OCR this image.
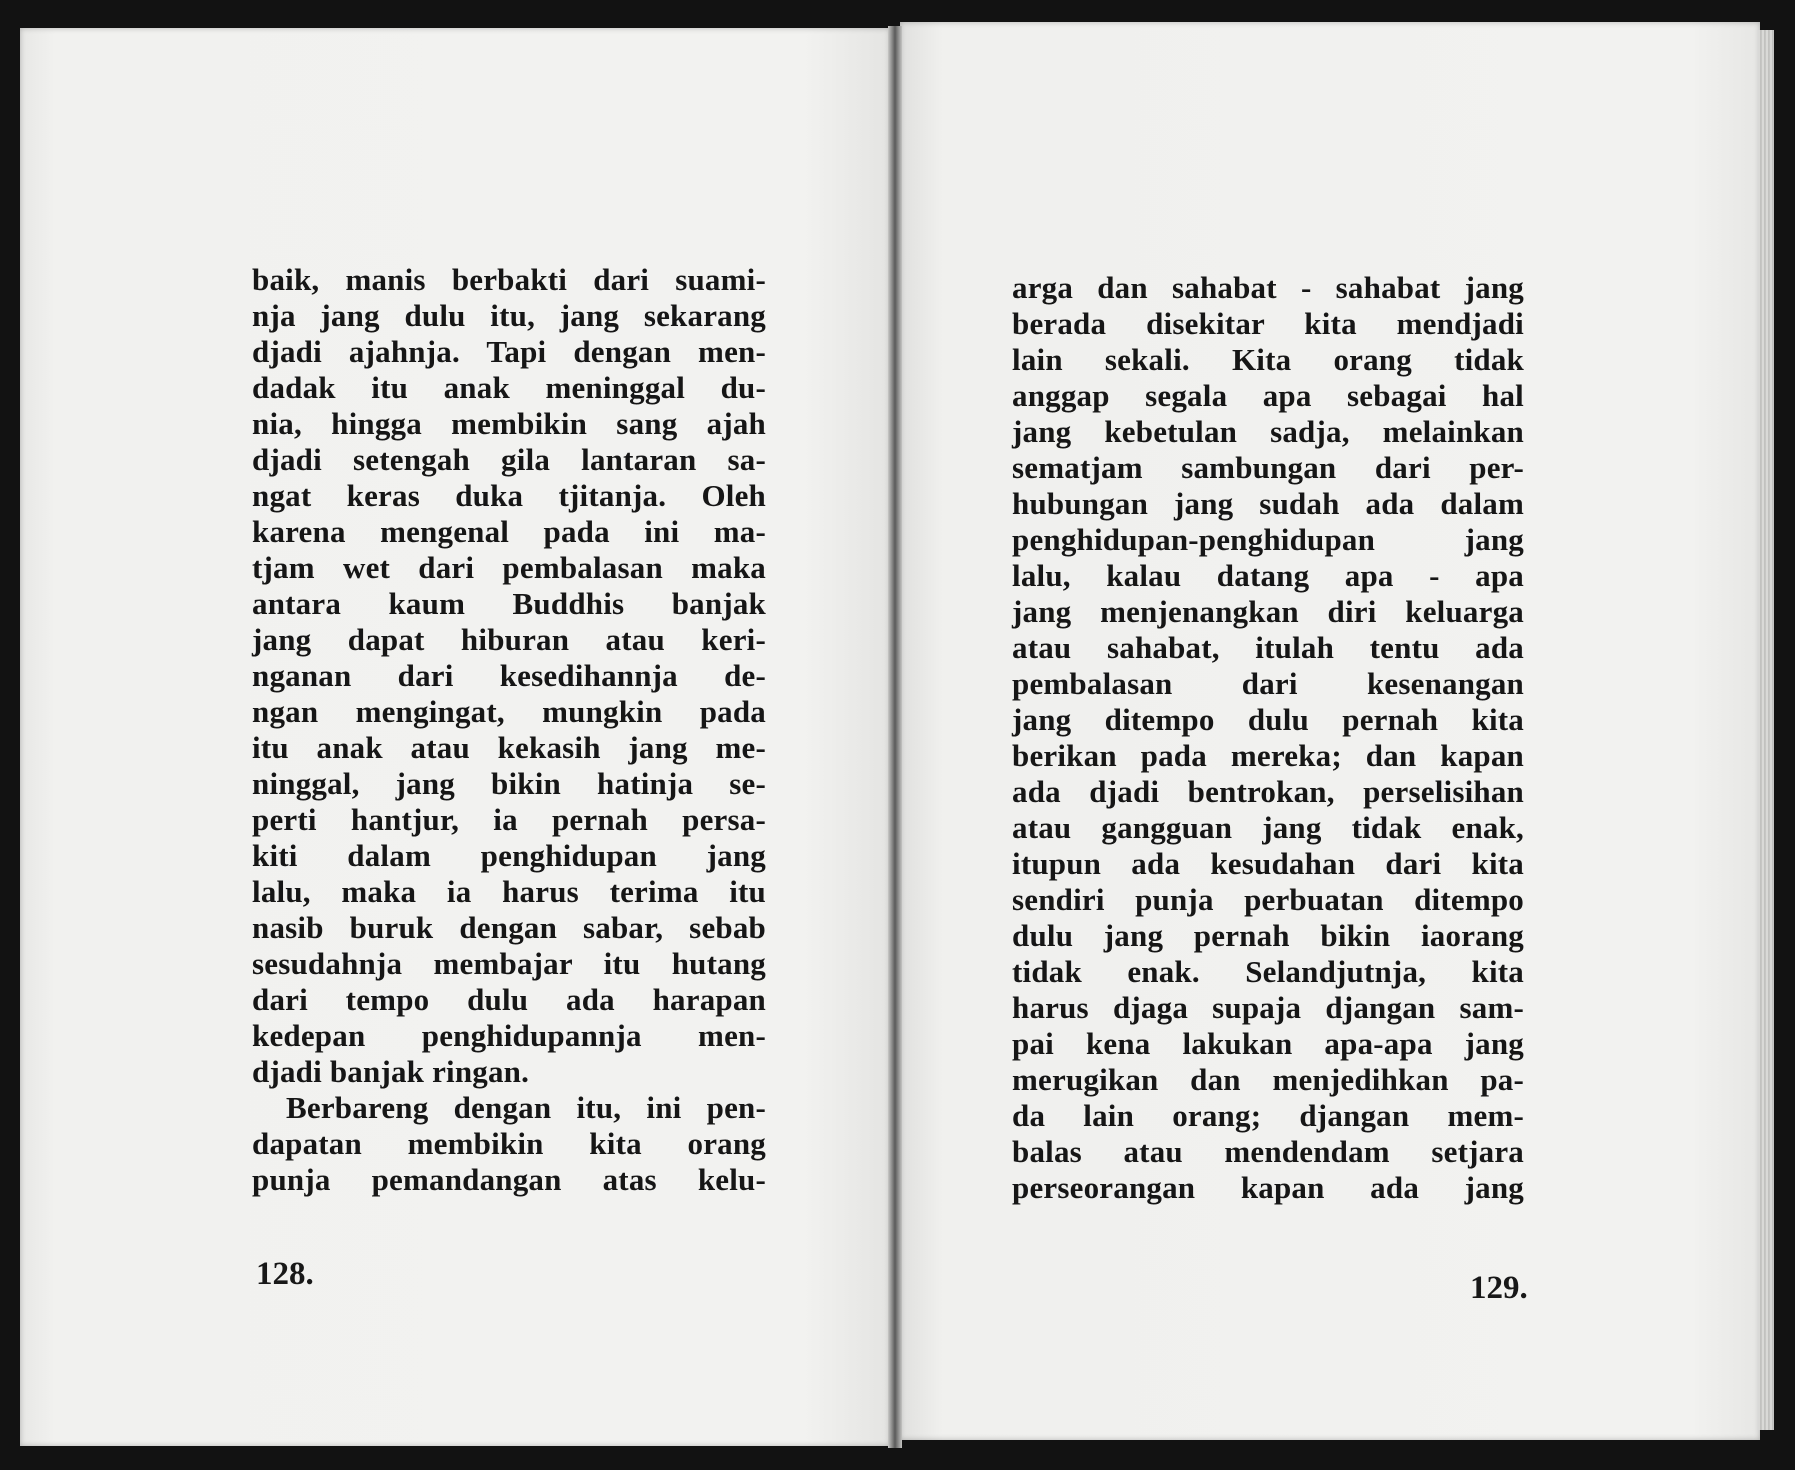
baik, manis berbakti dari suami-
nja jang dulu itu, jang sekarang
djadi ajahnja. Tapi dengan men-
dadak itu anak meninggal du-
nia, hingga membikin sang ajah
djadi setengah gila lantaran sa-
ngat keras duka tjitanja. Oleh
karena mengenal pada ini ma-
tjam wet dari pembalasan maka
antara kaum Buddhis banjak
jang dapat hiburan atau keri-
nganan dari kesedihannja de-
ngan mengingat, mungkin pada
itu anak atau kekasih jang me-
ninggal, jang bikin hatinja se-
perti hantjur, ia pernah persa-
kiti dalam penghidupan jang
lalu, maka ia harus terima itu
nasib buruk dengan sabar, sebab
sesudahnja membajar itu hutang
dari tempo dulu ada harapan
kedepan penghidupannja men-
djadi banjak ringan.
Berbareng dengan itu, ini pen-
dapatan membikin kita orang
punja pemandangan atas kelu-
128.
arga dan sahabat - sahabat jang
berada disekitar kita mendjadi
lain sekali. Kita orang tidak
anggap segala apa sebagai hal
jang kebetulan sadja, melainkan
sematjam sambungan dari per-
hubungan jang sudah ada dalam
penghidupan-penghidupan jang
lalu, kalau datang apa - apa
jang menjenangkan diri keluarga
atau sahabat, itulah tentu ada
pembalasan dari kesenangan
jang ditempo dulu pernah kita
berikan pada mereka; dan kapan
ada djadi bentrokan, perselisihan
atau gangguan jang tidak enak,
itupun ada kesudahan dari kita
sendiri punja perbuatan ditempo
dulu jang pernah bikin iaorang
tidak enak. Selandjutnja, kita
harus djaga supaja djangan sam-
pai kena lakukan apa-apa jang
merugikan dan menjedihkan pa-
da lain orang; djangan mem-
balas atau mendendam setjara
perseorangan kapan ada jang
129.
